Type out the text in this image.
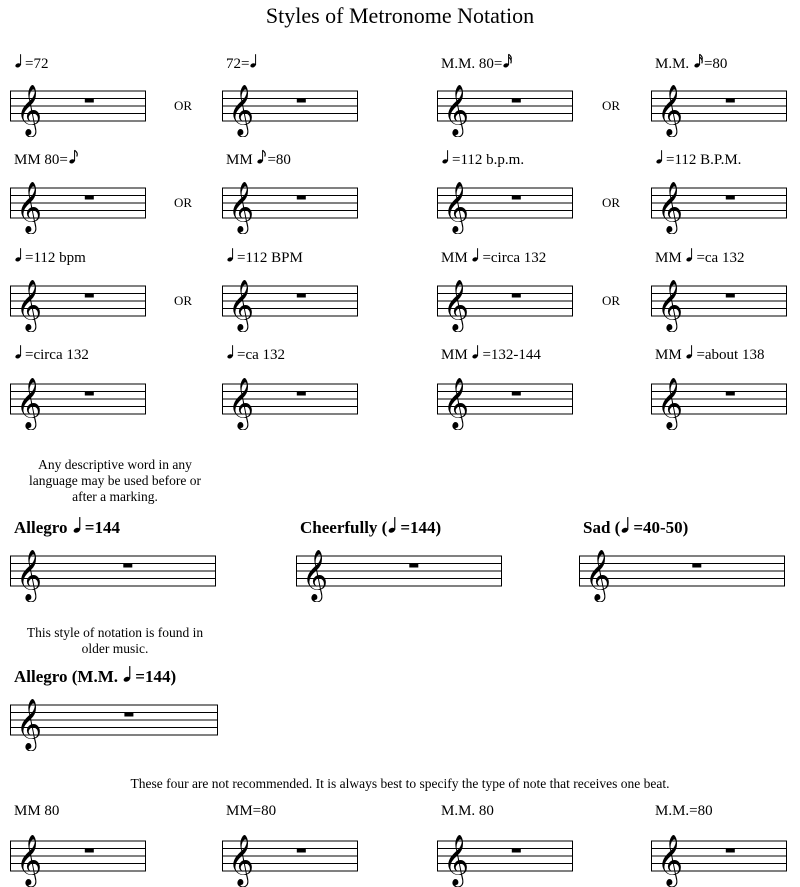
Styles of Metronome Notation
=72
𝄞
72=
𝄞
M.M. 80=
𝄞
M.M. =80
𝄞
OR	OR
MM 80=
𝄞
MM =80
𝄞
=112 b.p.m.
𝄞
=112 B.P.M.
𝄞
OR	OR
=112 bpm
𝄞
=112 BPM
𝄞
MM =circa 132
𝄞
MM =ca 132
𝄞
OR	OR
=circa 132
𝄞
=ca 132
𝄞
MM =132-144
𝄞
MM =about 138
𝄞
Any descriptive word in any language may be used before or after a marking.
Allegro =144
𝄞
Cheerfully ( =144)
𝄞
Sad ( =40-50)
𝄞
This style of notation is found in older music.
Allegro (M.M. =144)
𝄞
These four are not recommended. It is always best to specify the type of note that receives one beat.
MM 80
𝄞
MM=80
𝄞
M.M. 80
𝄞
M.M.=80
𝄞
